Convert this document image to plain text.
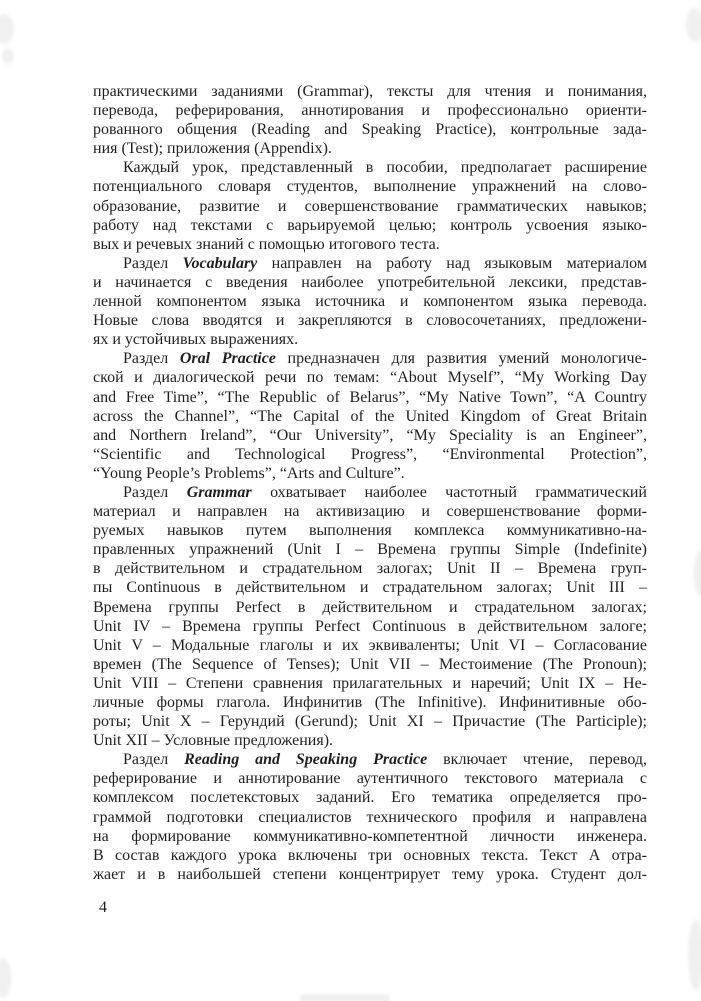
практическими заданиями (Grammar), тексты для чтения и понимания,
перевода, реферирования, аннотирования и профессионально ориенти-
рованного общения (Reading and Speaking Practice), контрольные зада-
ния (Test); приложения (Appendix).
Каждый урок, представленный в пособии, предполагает расширение
потенциального словаря студентов, выполнение упражнений на слово-
образование, развитие и совершенствование грамматических навыков;
работу над текстами с варьируемой целью; контроль усвоения языко-
вых и речевых знаний с помощью итогового теста.
Раздел Vocabulary направлен на работу над языковым материалом
и начинается с введения наиболее употребительной лексики, представ-
ленной компонентом языка источника и компонентом языка перевода.
Новые слова вводятся и закрепляются в словосочетаниях, предложени-
ях и устойчивых выражениях.
Раздел Oral Practice предназначен для развития умений монологиче-
ской и диалогической речи по темам: “About Myself”, “My Working Day
and Free Time”, “The Republic of Belarus”, “My Native Town”, “A Country
across the Channel”, “The Capital of the United Kingdom of Great Britain
and Northern Ireland”, “Our University”, “My Speciality is an Engineer”,
“Scientific and Technological Progress”, “Environmental Protection”,
“Young People’s Problems”, “Arts and Culture”.
Раздел Grammar охватывает наиболее частотный грамматический
материал и направлен на активизацию и совершенствование форми-
руемых навыков путем выполнения комплекса коммуникативно-на-
правленных упражнений (Unit I – Времена группы Simple (Indefinite)
в действительном и страдательном залогах; Unit II – Времена груп-
пы Continuous в действительном и страдательном залогах; Unit III –
Времена группы Perfect в действительном и страдательном залогах;
Unit IV – Времена группы Perfect Continuous в действительном залоге;
Unit V – Модальные глаголы и их эквиваленты; Unit VI – Согласование
времен (The Sequence of Tenses); Unit VII – Местоимение (The Pronoun);
Unit VIII – Степени сравнения прилагательных и наречий; Unit IX – Не-
личные формы глагола. Инфинитив (The Infinitive). Инфинитивные обо-
роты; Unit X – Герундий (Gerund); Unit XI – Причастие (The Participle);
Unit XII – Условные предложения).
Раздел Reading and Speaking Practice включает чтение, перевод,
реферирование и аннотирование аутентичного текстового материала с
комплексом послетекстовых заданий. Его тематика определяется про-
граммой подготовки специалистов технического профиля и направлена
на формирование коммуникативно-компетентной личности инженера.
В состав каждого урока включены три основных текста. Текст А отра-
жает и в наибольшей степени концентрирует тему урока. Студент дол-
4
